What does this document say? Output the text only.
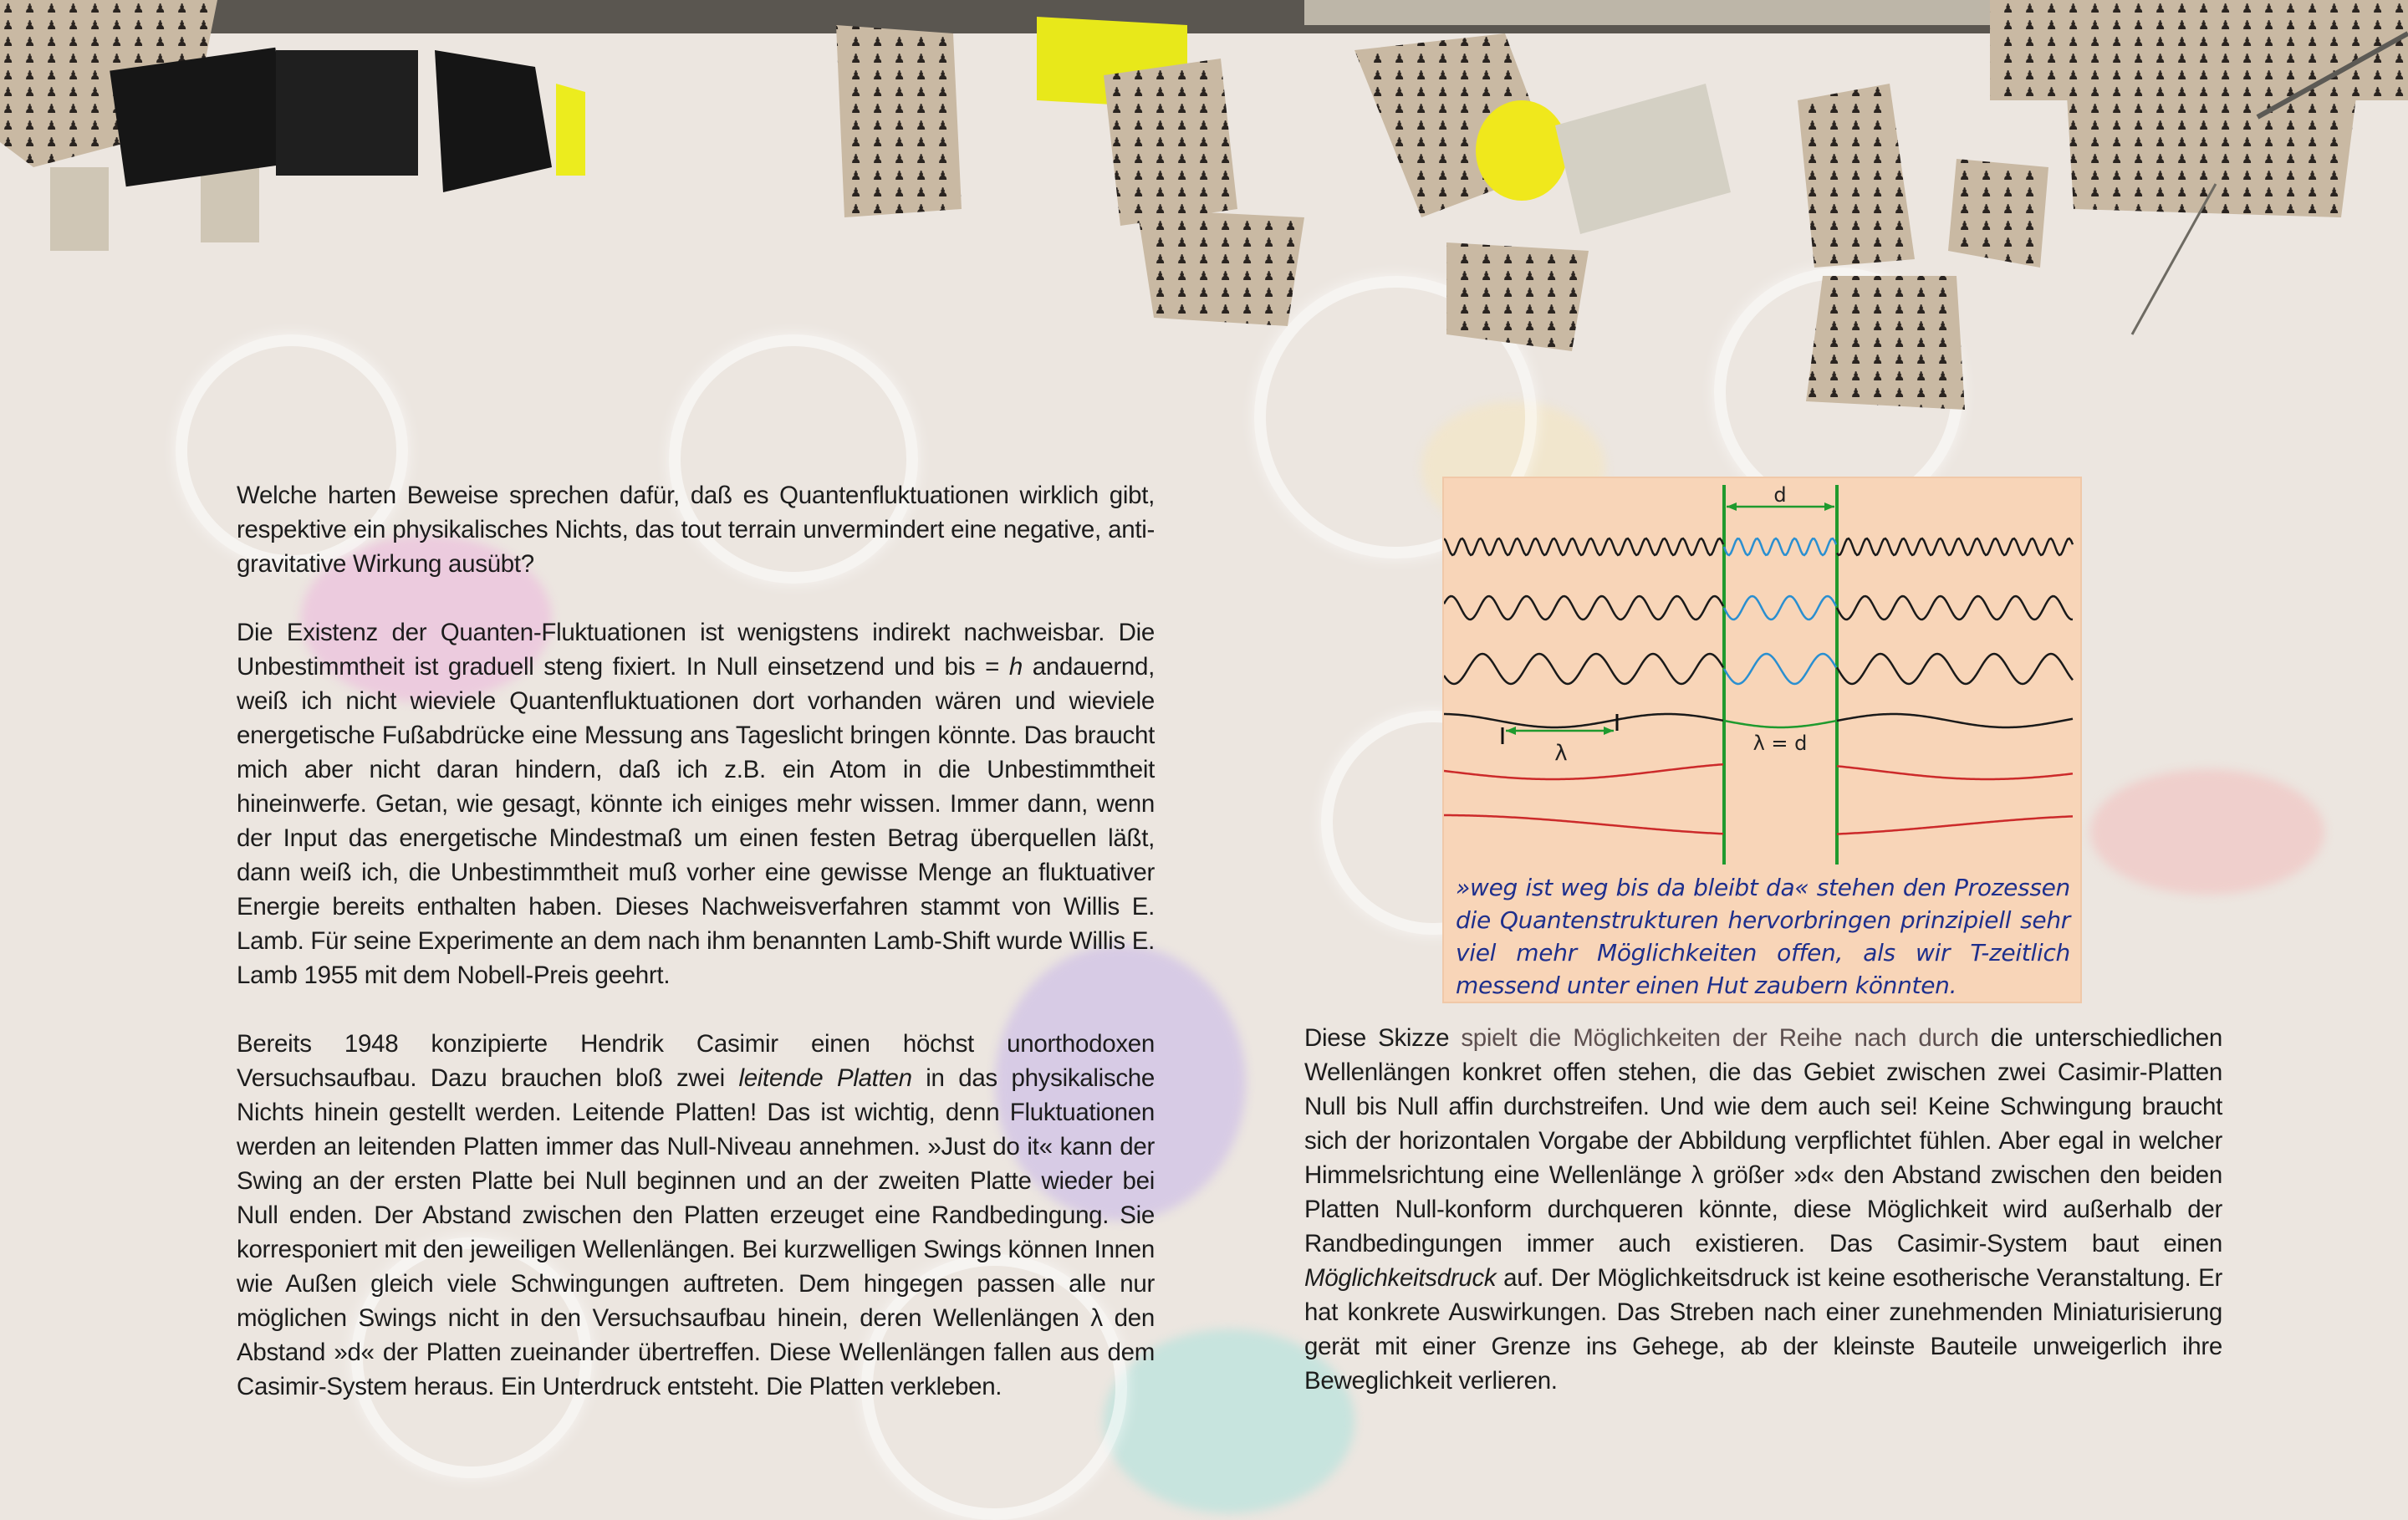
Welche harten Beweise sprechen dafür, daß es Quantenfluktuationen wirklich gibt, respektive ein physikalisches Nichts, das tout terrain unvermindert eine negative, anti-gravitative Wirkung ausübt?

Die Existenz der Quanten-Fluktuationen ist wenigstens indirekt nachweisbar. Die Unbestimmtheit ist graduell steng fixiert. In Null einsetzend und bis = h andauernd, weiß ich nicht wieviele Quantenfluktuationen dort vorhanden wären und wieviele energetische Fußabdrücke eine Messung ans Tageslicht bringen könnte. Das braucht mich aber nicht daran hindern, daß ich z.B. ein Atom in die Unbestimmtheit hineinwerfe. Getan, wie gesagt, könnte ich einiges mehr wissen. Immer dann, wenn der Input das energetische Mindestmaß um einen festen Betrag überquellen läßt, dann weiß ich, die Unbestimmtheit muß vorher eine gewisse Menge an fluktuativer Energie bereits enthalten haben. Dieses Nachweisverfahren stammt von Willis E. Lamb. Für seine Experimente an dem nach ihm benannten Lamb-Shift wurde Willis E. Lamb 1955 mit dem Nobell-Preis geehrt.

Bereits 1948 konzipierte Hendrik Casimir einen höchst unorthodoxen Versuchsaufbau. Dazu brauchen bloß zwei leitende Platten in das physikalische Nichts hinein gestellt werden. Leitende Platten! Das ist wichtig, denn Fluktuationen werden an leitenden Platten immer das Null-Niveau annehmen. »Just do it« kann der Swing an der ersten Platte bei Null beginnen und an der zweiten Platte wieder bei Null enden. Der Abstand zwischen den Platten erzeuget eine Randbedingung. Sie korresponiert mit den jeweiligen Wellenlängen. Bei kurzwelligen Swings können Innen wie Außen gleich viele Schwingungen auftreten. Dem hingegen passen alle nur möglichen Swings nicht in den Versuchsaufbau hinein, deren Wellenlängen λ den Abstand »d« der Platten zueinander übertreffen. Diese Wellenlängen fallen aus dem Casimir-System heraus. Ein Unterdruck entsteht. Die Platten verkleben.

d
λ	λ = d
»weg ist weg bis da bleibt da« stehen den Prozessen die Quantenstrukturen hervorbringen prinzipiell sehr viel mehr Möglichkeiten offen, als wir T-zeitlich messend unter einen Hut zaubern könnten.

Diese Skizze spielt die Möglichkeiten der Reihe nach durch die unterschiedlichen Wellenlängen konkret offen stehen, die das Gebiet zwischen zwei Casimir-Platten Null bis Null affin durchstreifen. Und wie dem auch sei! Keine Schwingung braucht sich der horizontalen Vorgabe der Abbildung verpflichtet fühlen. Aber egal in welcher Himmelsrichtung eine Wellenlänge λ größer »d« den Abstand zwischen den beiden Platten Null-konform durchqueren könnte, diese Möglichkeit wird außerhalb der Randbedingungen immer auch existieren. Das Casimir-System baut einen Möglichkeitsdruck auf. Der Möglichkeitsdruck ist keine esotherische Veranstaltung. Er hat konkrete Auswirkungen. Das Streben nach einer zunehmenden Miniaturisierung gerät mit einer Grenze ins Gehege, ab der kleinste Bauteile unweigerlich ihre Beweglichkeit verlieren.
